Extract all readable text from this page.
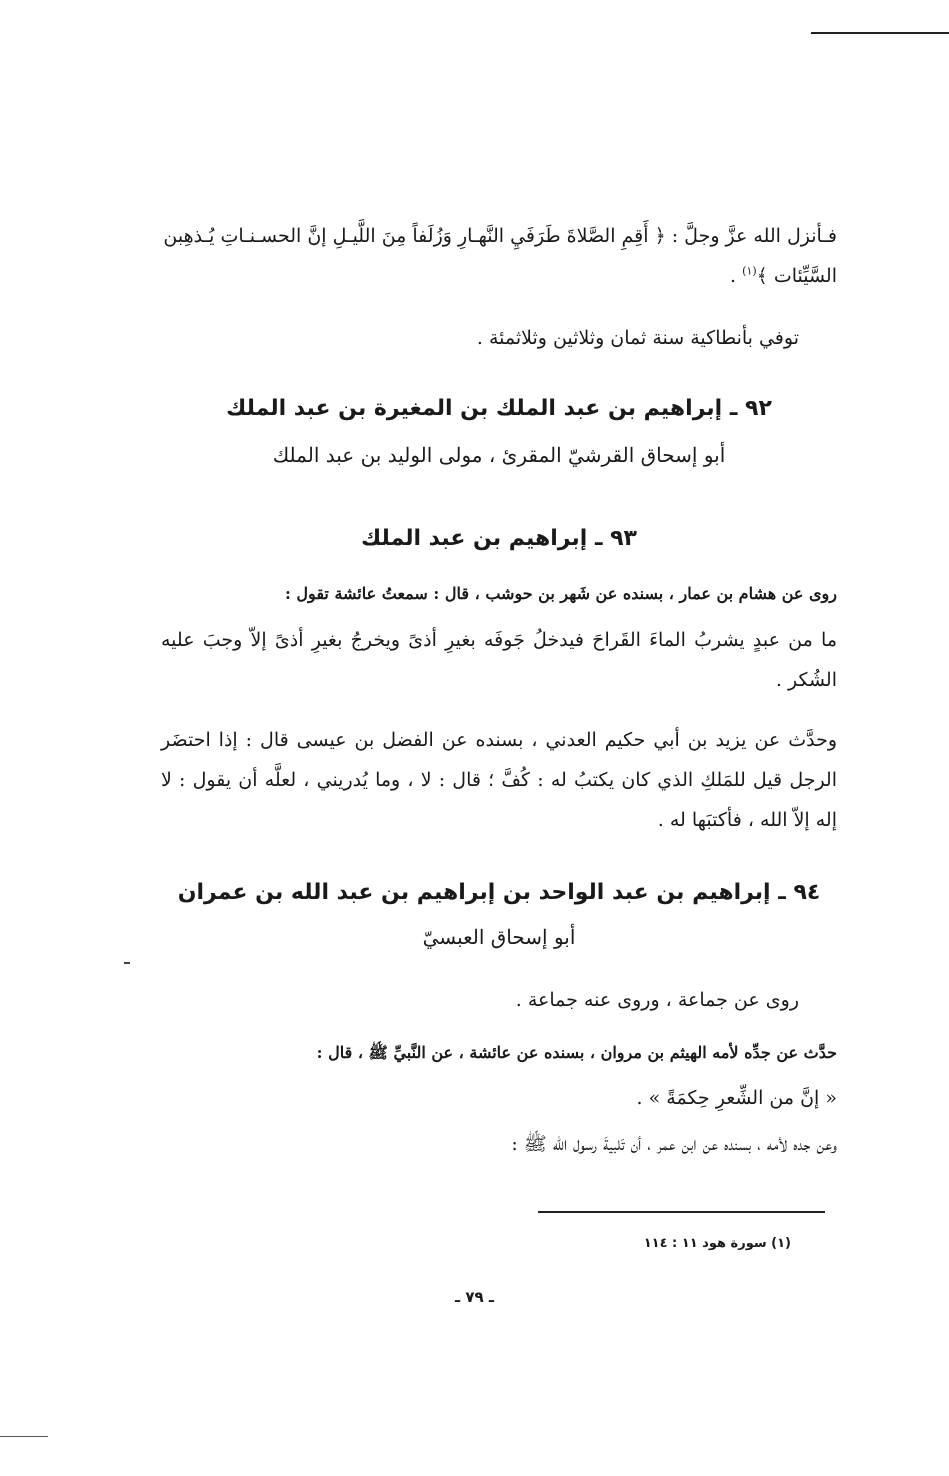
فـأنزل الله عزَّ وجلَّ : ﴿ أَقِمِ الصَّلاةَ طَرَفَيِ النَّهـارِ وَزُلَفاً مِنَ اللَّيـلِ إنَّ الحسـنـاتِ يُـذهِبن
السَّيِّئات ﴾$^{(١)}$ .

توفي بأنطاكية سنة ثمان وثلاثين وثلاثمئة .

٩٢ ـ إبراهيم بن عبد الملك بن المغيرة بن عبد الملك

أبو إسحاق القرشيّ المقرئ ، مولى الوليد بن عبد الملك

٩٣ ـ إبراهيم بن عبد الملك

روى عن هشام بن عمار ، بسنده عن شَهر بن حوشب ، قال : سمعتُ عائشة تقول :

ما من عبدٍ يشربُ الماءَ القَراحَ فيدخلُ جَوفَه بغيرِ أذىً ويخرجُ بغيرِ أذىً إلاّ وجبَ عليه الشُكر .

وحدَّث عن يزيد بن أبي حكيم العدني ، بسنده عن الفضل بن عيسى قال : إذا احتضَر الرجل قيل للمَلكِ الذي كان يكتبُ له : كُفَّ ؛ قال : لا ، وما يُدريني ، لعلَّه أن يقول : لا إله إلاّ الله ، فأكتبَها له .

٩٤ ـ إبراهيم بن عبد الواحد بن إبراهيم بن عبد الله بن عمران

أبو إسحاق العبسيّ

روى عن جماعة ، وروى عنه جماعة .

حدَّث عن جدِّه لأمه الهيثم بن مروان ، بسنده عن عائشة ، عن النَّبيِّ ﷺ ، قال :

« إنَّ من الشِّعرِ حِكمَةً » .

وعن جده لأمه ، بسنده عن ابن عمر ، أن تَلبيةَ رسول الله ﷺ :

(١) سورة هود ١١ : ١١٤

ـ ٧٩ ـ
